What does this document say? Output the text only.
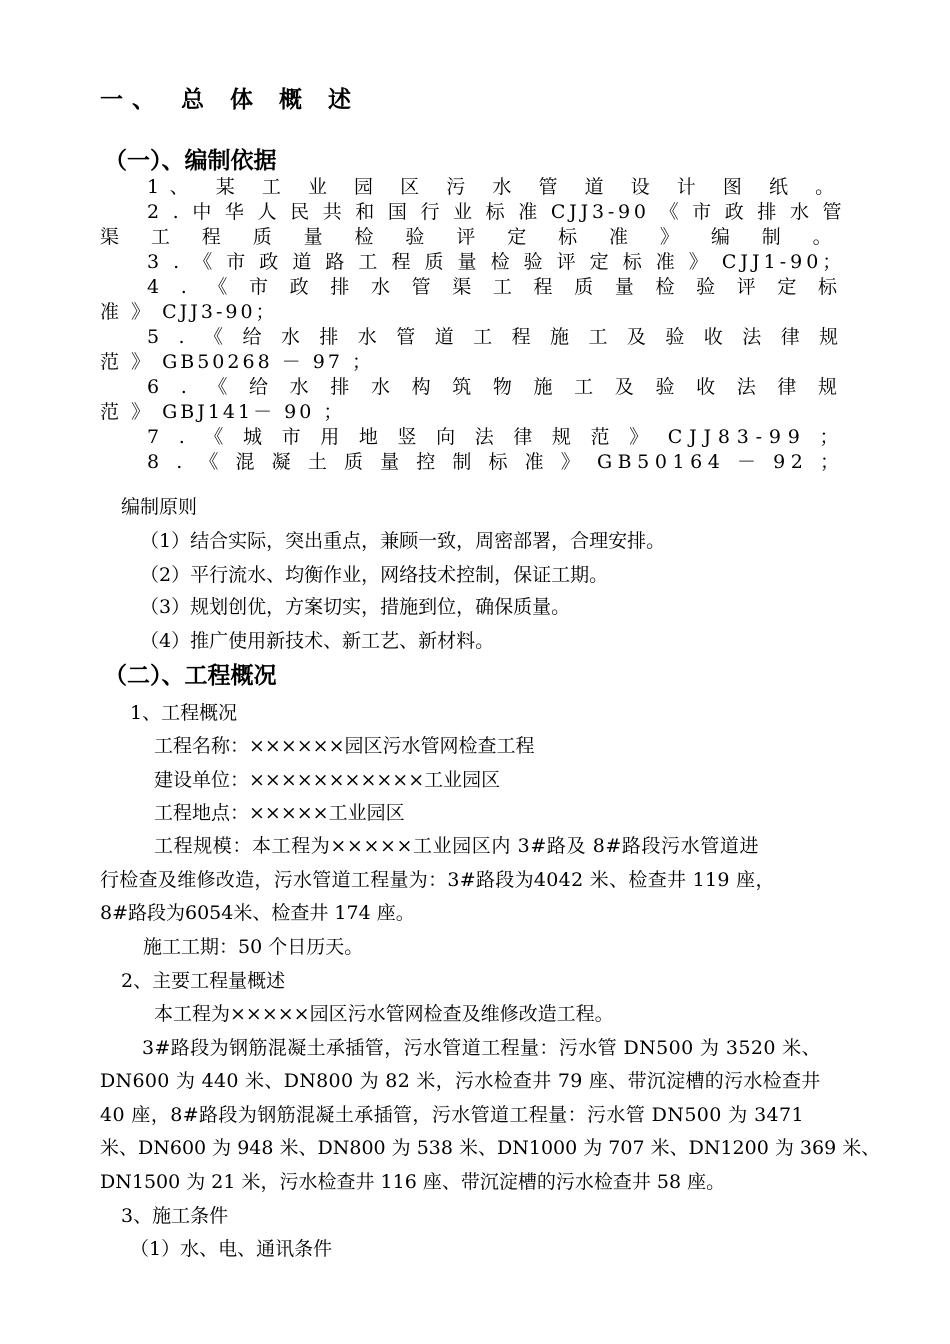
一、 总 体 概 述
（一）、编制依据
1、 某 工 业 园 区 污 水 管 道 设 计 图 纸 。
2 . 中 华 人 民 共 和 国 行 业 标 准 CJJ3-90 《 市 政 排 水 管
渠 工 程 质 量 检 验 评 定 标 准 》 编 制 。
3 . 《 市 政 道 路 工 程 质 量 检 验 评 定 标 准 》 CJJ1-90；
4 . 《 市 政 排 水 管 渠 工 程 质 量 检 验 评 定 标
准 》 CJJ3-90；
5 . 《 给 水 排 水 管 道 工 程 施 工 及 验 收 法 律 规
范 》 GB50268 － 97 ；
6 . 《 给 水 排 水 构 筑 物 施 工 及 验 收 法 律 规
范 》 GBJ141－ 90 ；
7 . 《 城 市 用 地 竖 向 法 律 规 范 》 CJJ83-99 ；
8 . 《 混 凝 土 质 量 控 制 标 准 》 GB50164 － 92 ；
编制原则
（1）结合实际，突出重点，兼顾一致，周密部署，合理安排。
（2）平行流水、均衡作业，网络技术控制，保证工期。
（3）规划创优，方案切实，措施到位，确保质量。
（4）推广使用新技术、新工艺、新材料。
（二）、工程概况
1、工程概况
工程名称：××××××园区污水管网检查工程
建设单位：×××××××××××工业园区
工程地点：×××××工业园区
工程规模：本工程为×××××工业园区内 3#路及 8#路段污水管道进
行检查及维修改造，污水管道工程量为：3#路段为4042 米、检查井 119 座，
8#路段为6054米、检查井 174 座。
施工工期：50 个日历天。
2、主要工程量概述
本工程为×××××园区污水管网检查及维修改造工程。
3#路段为钢筋混凝土承插管，污水管道工程量：污水管 DN500 为 3520 米、
DN600 为 440 米、DN800 为 82 米，污水检查井 79 座、带沉淀槽的污水检查井
40 座，8#路段为钢筋混凝土承插管，污水管道工程量：污水管 DN500 为 3471
米、DN600 为 948 米、DN800 为 538 米、DN1000 为 707 米、DN1200 为 369 米、
DN1500 为 21 米，污水检查井 116 座、带沉淀槽的污水检查井 58 座。
3、施工条件
（1）水、电、通讯条件
